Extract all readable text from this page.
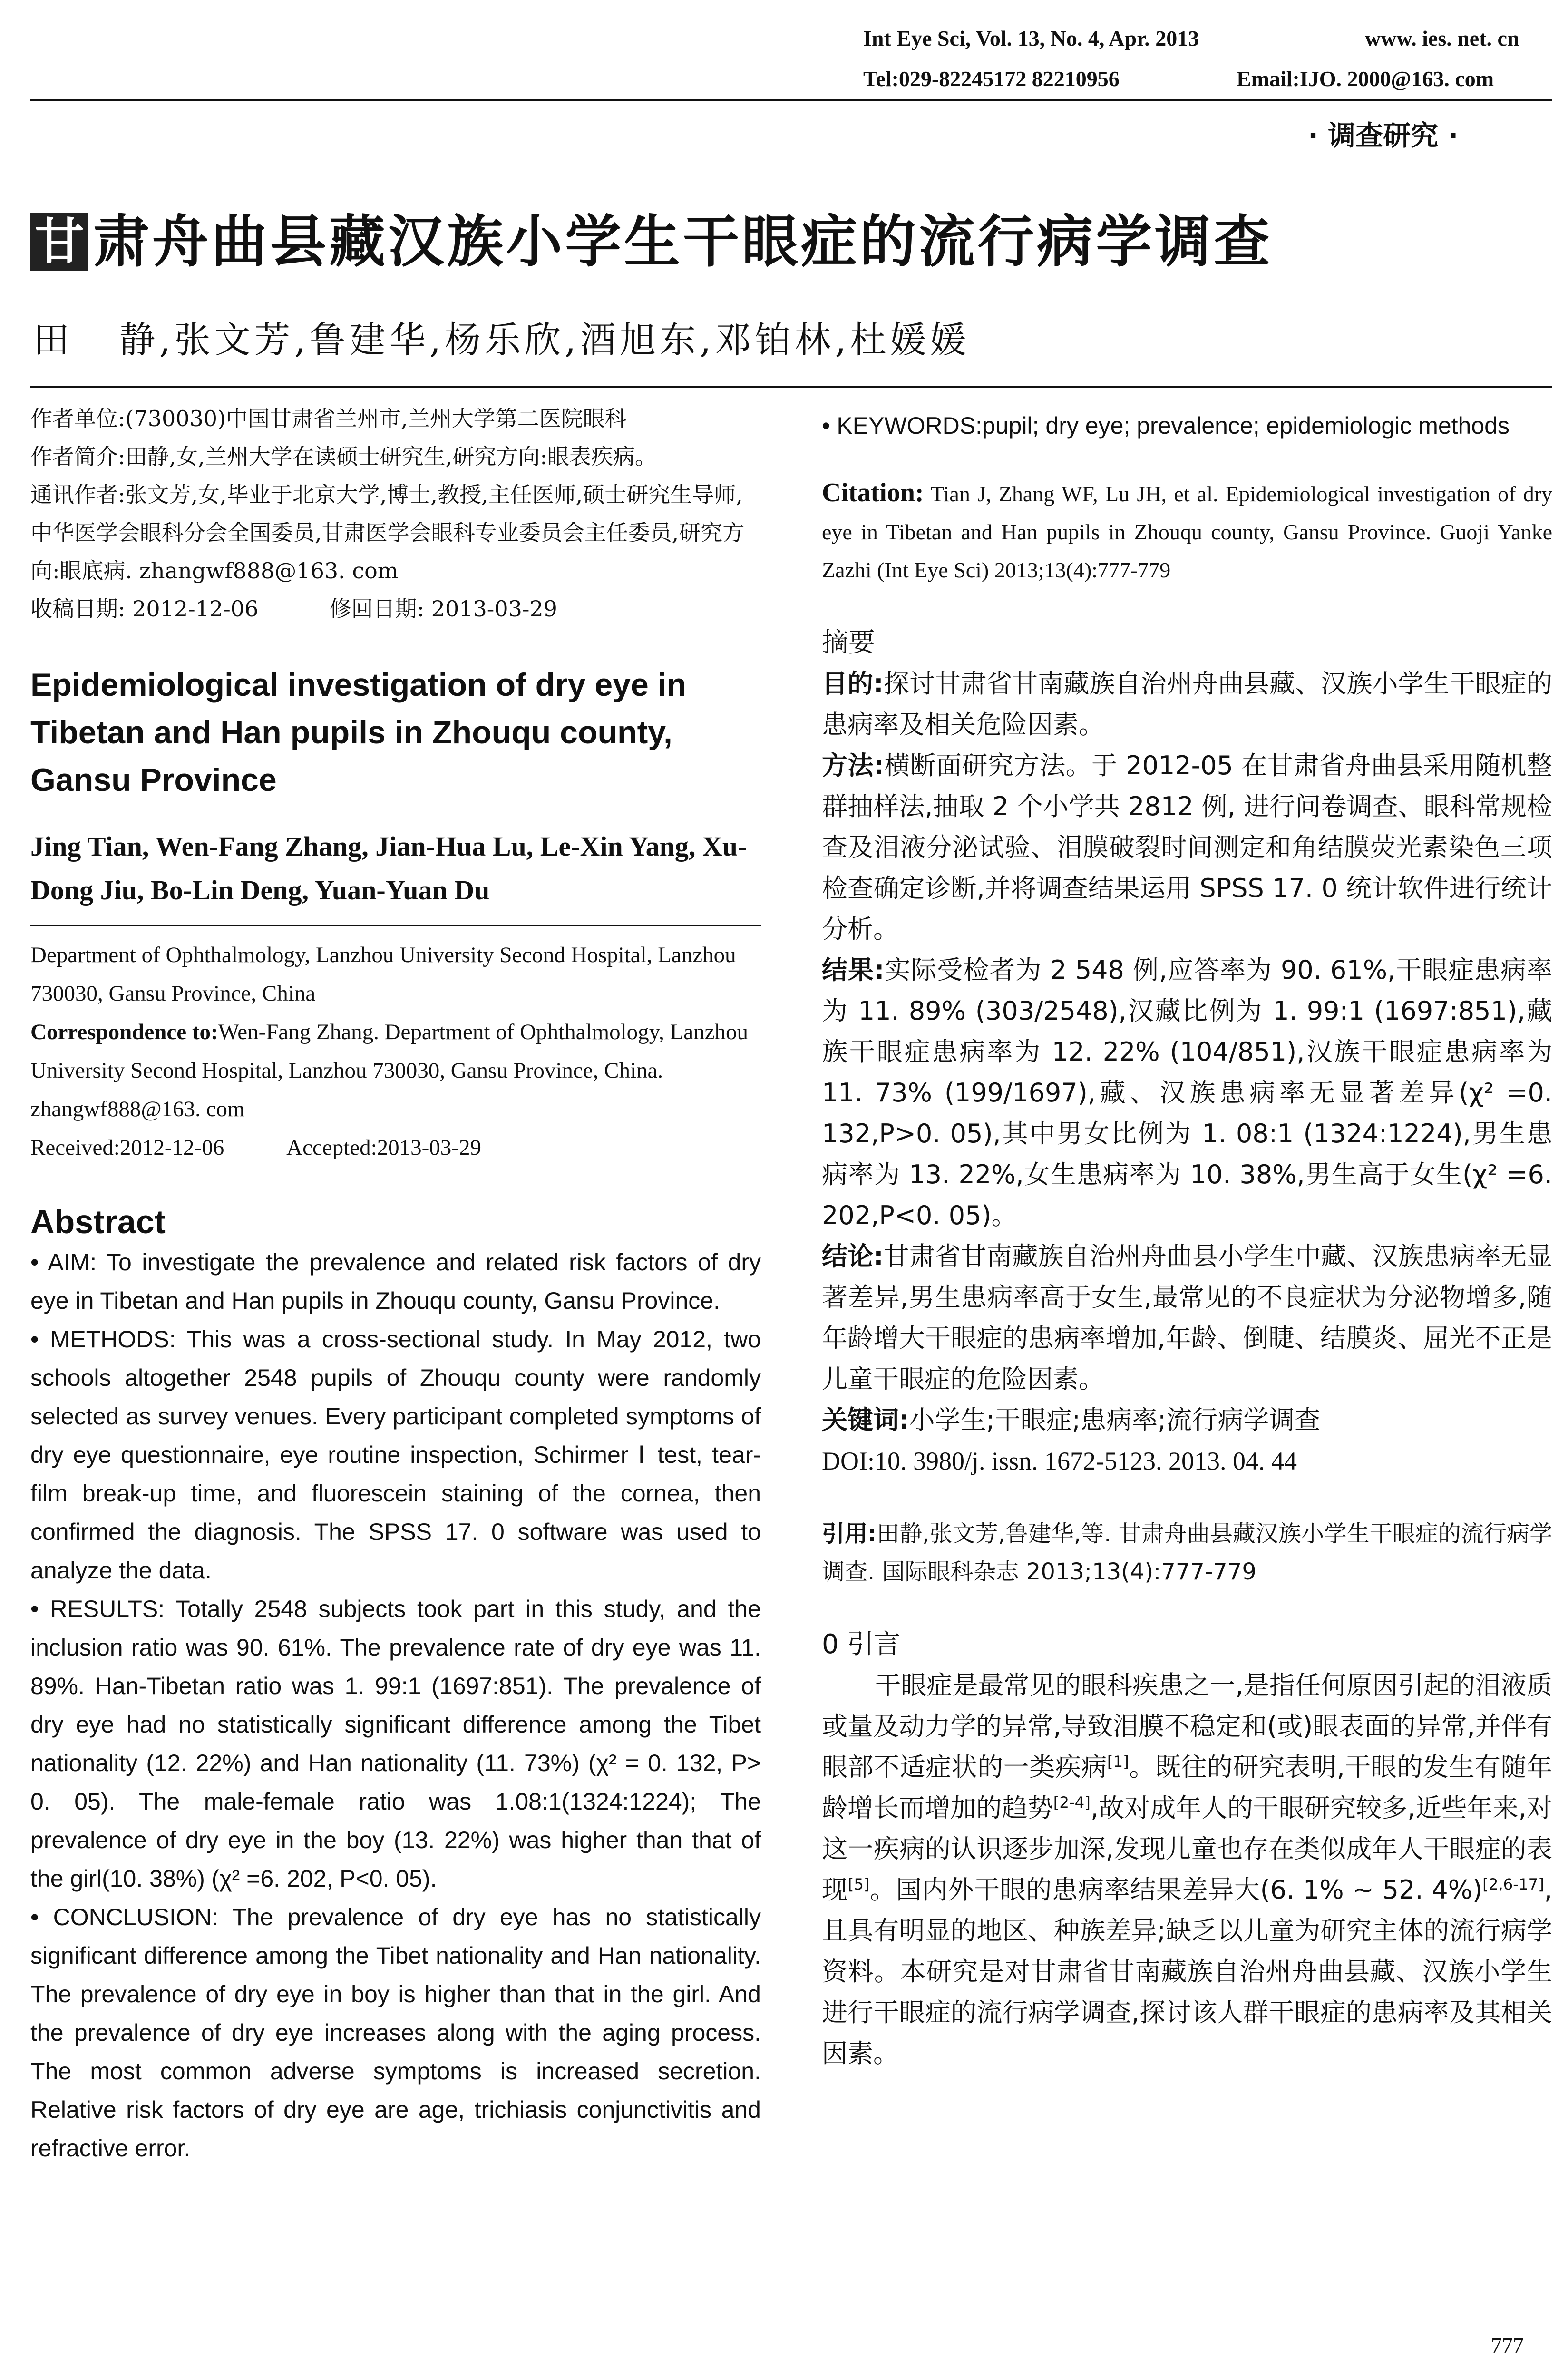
Int Eye Sci, Vol. 13, No. 4, Apr. 2013	www. ies. net. cn
Tel:029-82245172 82210956	Email:IJO. 2000@163. com
· 调查研究 ·
甘 肃舟曲县藏汉族小学生干眼症的流行病学调查
田   静,张文芳,鲁建华,杨乐欣,酒旭东,邓铂林,杜媛媛

作者单位:(730030)中国甘肃省兰州市,兰州大学第二医院眼科

作者简介:田静,女,兰州大学在读硕士研究生,研究方向:眼表疾病。

通讯作者:张文芳,女,毕业于北京大学,博士,教授,主任医师,硕士研究生导师,中华医学会眼科分会全国委员,甘肃医学会眼科专业委员会主任委员,研究方向:眼底病. zhangwf888@163. com

收稿日期: 2012-12-06	修回日期: 2013-03-29

Epidemiological investigation of dry eye in Tibetan and Han pupils in Zhouqu county, Gansu Province
Jing Tian, Wen-Fang Zhang, Jian-Hua Lu, Le-Xin Yang, Xu-Dong Jiu, Bo-Lin Deng, Yuan-Yuan Du

Department of Ophthalmology, Lanzhou University Second Hospital, Lanzhou 730030, Gansu Province, China

Correspondence to:Wen-Fang Zhang. Department of Ophthalmology, Lanzhou University Second Hospital, Lanzhou 730030, Gansu Province, China. zhangwf888@163. com

Received:2012-12-06	Accepted:2013-03-29

Abstract

• AIM: To investigate the prevalence and related risk factors of dry eye in Tibetan and Han pupils in Zhouqu county, Gansu Province.

• METHODS: This was a cross-sectional study. In May 2012, two schools altogether 2548 pupils of Zhouqu county were randomly selected as survey venues. Every participant completed symptoms of dry eye questionnaire, eye routine inspection, Schirmer Ⅰ test, tear-film break-up time, and fluorescein staining of the cornea, then confirmed the diagnosis. The SPSS 17. 0 software was used to analyze the data.

• RESULTS: Totally 2548 subjects took part in this study, and the inclusion ratio was 90. 61%. The prevalence rate of dry eye was 11. 89%. Han-Tibetan ratio was 1. 99:1 (1697:851). The prevalence of dry eye had no statistically significant difference among the Tibet nationality (12. 22%) and Han nationality (11. 73%) (χ² = 0. 132, P> 0. 05). The male-female ratio was 1.08:1(1324:1224); The prevalence of dry eye in the boy (13. 22%) was higher than that of the girl(10. 38%) (χ² =6. 202, P<0. 05).

• CONCLUSION: The prevalence of dry eye has no statistically significant difference among the Tibet nationality and Han nationality. The prevalence of dry eye in boy is higher than that in the girl. And the prevalence of dry eye increases along with the aging process. The most common adverse symptoms is increased secretion. Relative risk factors of dry eye are age, trichiasis conjunctivitis and refractive error.

• KEYWORDS:pupil; dry eye; prevalence; epidemiologic methods

Citation: Tian J, Zhang WF, Lu JH, et al. Epidemiological investigation of dry eye in Tibetan and Han pupils in Zhouqu county, Gansu Province. Guoji Yanke Zazhi (Int Eye Sci) 2013;13(4):777-779
摘要

目的:探讨甘肃省甘南藏族自治州舟曲县藏、汉族小学生干眼症的患病率及相关危险因素。

方法:横断面研究方法。于 2012-05 在甘肃省舟曲县采用随机整群抽样法,抽取 2 个小学共 2812 例, 进行问卷调查、眼科常规检查及泪液分泌试验、泪膜破裂时间测定和角结膜荧光素染色三项检查确定诊断,并将调查结果运用 SPSS 17. 0 统计软件进行统计分析。

结果:实际受检者为 2 548 例,应答率为 90. 61%,干眼症患病率为 11. 89% (303/2548),汉藏比例为 1. 99:1 (1697:851),藏族干眼症患病率为 12. 22% (104/851),汉族干眼症患病率为 11. 73% (199/1697),藏、汉族患病率无显著差异(χ² =0. 132,P>0. 05),其中男女比例为 1. 08:1 (1324:1224),男生患病率为 13. 22%,女生患病率为 10. 38%,男生高于女生(χ² =6. 202,P<0. 05)。

结论:甘肃省甘南藏族自治州舟曲县小学生中藏、汉族患病率无显著差异,男生患病率高于女生,最常见的不良症状为分泌物增多,随年龄增大干眼症的患病率增加,年龄、倒睫、结膜炎、屈光不正是儿童干眼症的危险因素。

关键词:小学生;干眼症;患病率;流行病学调查

DOI:10. 3980/j. issn. 1672-5123. 2013. 04. 44

引用:田静,张文芳,鲁建华,等. 甘肃舟曲县藏汉族小学生干眼症的流行病学调查. 国际眼科杂志 2013;13(4):777-779
0 引言
干眼症是最常见的眼科疾患之一,是指任何原因引起的泪液质或量及动力学的异常,导致泪膜不稳定和(或)眼表面的异常,并伴有眼部不适症状的一类疾病[1]。既往的研究表明,干眼的发生有随年龄增长而增加的趋势[2-4],故对成年人的干眼研究较多,近些年来,对这一疾病的认识逐步加深,发现儿童也存在类似成年人干眼症的表现[5]。国内外干眼的患病率结果差异大(6. 1% ~ 52. 4%)[2,6-17],且具有明显的地区、种族差异;缺乏以儿童为研究主体的流行病学资料。本研究是对甘肃省甘南藏族自治州舟曲县藏、汉族小学生进行干眼症的流行病学调查,探讨该人群干眼症的患病率及其相关因素。
777
